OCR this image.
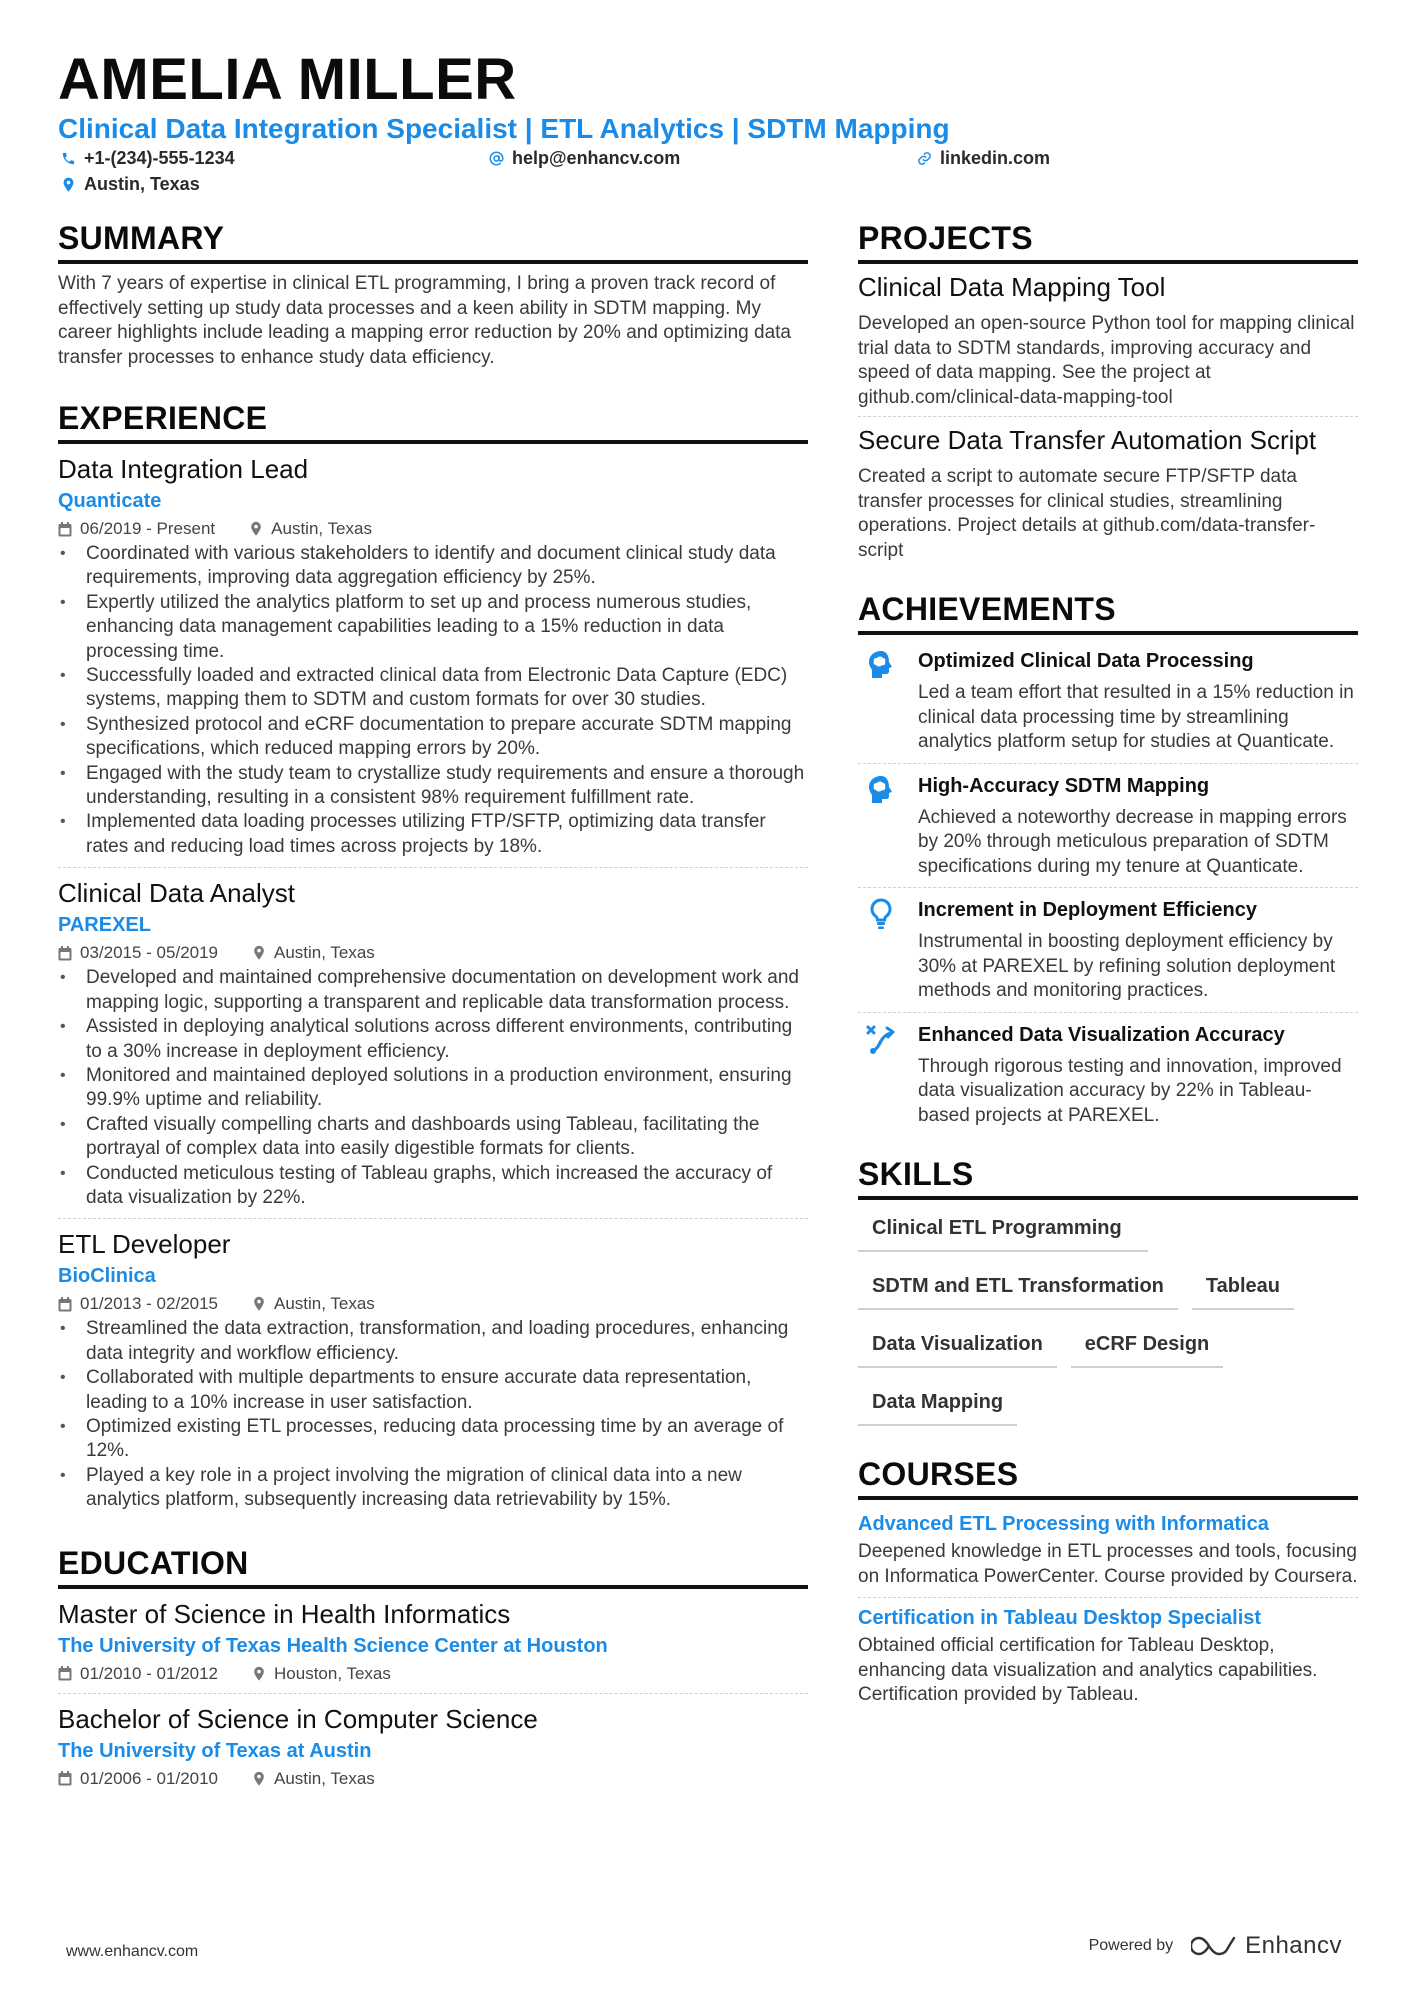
AMELIA MILLER
Clinical Data Integration Specialist | ETL Analytics | SDTM Mapping
+1-(234)-555-1234	help@enhancv.com	linkedin.com
Austin, Texas
SUMMARY
With 7 years of expertise in clinical ETL programming, I bring a proven track record of effectively setting up study data processes and a keen ability in SDTM mapping. My career highlights include leading a mapping error reduction by 20% and optimizing data transfer processes to enhance study data efficiency.
EXPERIENCE
Data Integration Lead
Quanticate
06/2019 - Present	Austin, Texas
• Coordinated with various stakeholders to identify and document clinical study data requirements, improving data aggregation efficiency by 25%.
• Expertly utilized the analytics platform to set up and process numerous studies, enhancing data management capabilities leading to a 15% reduction in data processing time.
• Successfully loaded and extracted clinical data from Electronic Data Capture (EDC) systems, mapping them to SDTM and custom formats for over 30 studies.
• Synthesized protocol and eCRF documentation to prepare accurate SDTM mapping specifications, which reduced mapping errors by 20%.
• Engaged with the study team to crystallize study requirements and ensure a thorough understanding, resulting in a consistent 98% requirement fulfillment rate.
• Implemented data loading processes utilizing FTP/SFTP, optimizing data transfer rates and reducing load times across projects by 18%.
Clinical Data Analyst
PAREXEL
03/2015 - 05/2019	Austin, Texas
• Developed and maintained comprehensive documentation on development work and mapping logic, supporting a transparent and replicable data transformation process.
• Assisted in deploying analytical solutions across different environments, contributing to a 30% increase in deployment efficiency.
• Monitored and maintained deployed solutions in a production environment, ensuring 99.9% uptime and reliability.
• Crafted visually compelling charts and dashboards using Tableau, facilitating the portrayal of complex data into easily digestible formats for clients.
• Conducted meticulous testing of Tableau graphs, which increased the accuracy of data visualization by 22%.
ETL Developer
BioClinica
01/2013 - 02/2015	Austin, Texas
• Streamlined the data extraction, transformation, and loading procedures, enhancing data integrity and workflow efficiency.
• Collaborated with multiple departments to ensure accurate data representation, leading to a 10% increase in user satisfaction.
• Optimized existing ETL processes, reducing data processing time by an average of 12%.
• Played a key role in a project involving the migration of clinical data into a new analytics platform, subsequently increasing data retrievability by 15%.
EDUCATION
Master of Science in Health Informatics
The University of Texas Health Science Center at Houston
01/2010 - 01/2012	Houston, Texas
Bachelor of Science in Computer Science
The University of Texas at Austin
01/2006 - 01/2010	Austin, Texas
PROJECTS
Clinical Data Mapping Tool
Developed an open-source Python tool for mapping clinical trial data to SDTM standards, improving accuracy and speed of data mapping. See the project at github.com/clinical-data-mapping-tool
Secure Data Transfer Automation Script
Created a script to automate secure FTP/SFTP data transfer processes for clinical studies, streamlining operations. Project details at github.com/data-transfer-script
ACHIEVEMENTS
Optimized Clinical Data Processing
Led a team effort that resulted in a 15% reduction in clinical data processing time by streamlining analytics platform setup for studies at Quanticate.
High-Accuracy SDTM Mapping
Achieved a noteworthy decrease in mapping errors by 20% through meticulous preparation of SDTM specifications during my tenure at Quanticate.
Increment in Deployment Efficiency
Instrumental in boosting deployment efficiency by 30% at PAREXEL by refining solution deployment methods and monitoring practices.
Enhanced Data Visualization Accuracy
Through rigorous testing and innovation, improved data visualization accuracy by 22% in Tableau-based projects at PAREXEL.
SKILLS
Clinical ETL Programming
SDTM and ETL Transformation	Tableau
Data Visualization	eCRF Design
Data Mapping
COURSES
Advanced ETL Processing with Informatica
Deepened knowledge in ETL processes and tools, focusing on Informatica PowerCenter. Course provided by Coursera.
Certification in Tableau Desktop Specialist
Obtained official certification for Tableau Desktop, enhancing data visualization and analytics capabilities. Certification provided by Tableau.
www.enhancv.com	Powered by	Enhancv
